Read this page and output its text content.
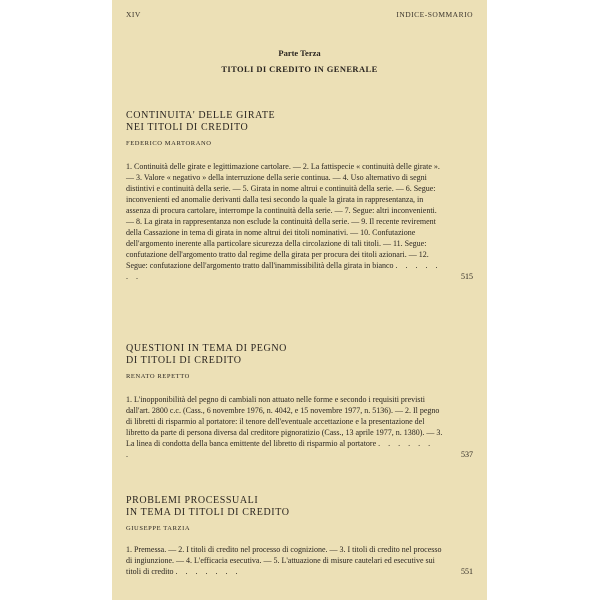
XIV	INDICE-SOMMARIO
Parte Terza
TITOLI DI CREDITO IN GENERALE
CONTINUITA' DELLE GIRATE
NEI TITOLI DI CREDITO
FEDERICO MARTORANO
1. Continuità delle girate e legittimazione cartolare. — 2. La fattispecie « continuità delle girate ». — 3. Valore « negativo » della interruzione della serie continua. — 4. Uso alternativo di segni distintivi e continuità della serie. — 5. Girata in nome altrui e continuità della serie. — 6. Segue: inconvenienti ed anomalie derivanti dalla tesi secondo la quale la girata in rappresentanza, in assenza di procura cartolare, interrompe la continuità della serie. — 7. Segue: altri inconvenienti. — 8. La girata in rappresentanza non esclude la continuità della serie. — 9. Il recente revirement della Cassazione in tema di girata in nome altrui dei titoli nominativi. — 10. Confutazione dell'argomento inerente alla particolare sicurezza della circolazione di tali titoli. — 11. Segue: confutazione dell'argomento tratto dal regime della girata per procura dei titoli azionari. — 12. Segue: confutazione dell'argomento tratto dall'inammissibilità della girata in bianco . . . . . . .	515
QUESTIONI IN TEMA DI PEGNO
DI TITOLI DI CREDITO
RENATO REPETTO
1. L'inopponibilità del pegno di cambiali non attuato nelle forme e secondo i requisiti previsti dall'art. 2800 c.c. (Cass., 6 novembre 1976, n. 4042, e 15 novembre 1977, n. 5136). — 2. Il pegno di libretti di risparmio al portatore: il tenore dell'eventuale accettazione e la presentazione del libretto da parte di persona diversa dal creditore pignoratizio (Cass., 13 aprile 1977, n. 1380). — 3. La linea di condotta della banca emittente del libretto di risparmio al portatore . . . . . . .	537
PROBLEMI PROCESSUALI
IN TEMA DI TITOLI DI CREDITO
GIUSEPPE TARZIA
1. Premessa. — 2. I titoli di credito nel processo di cognizione. — 3. I titoli di credito nel processo di ingiunzione. — 4. L'efficacia esecutiva. — 5. L'attuazione di misure cautelari ed esecutive sui titoli di credito . . . . . . .	551
